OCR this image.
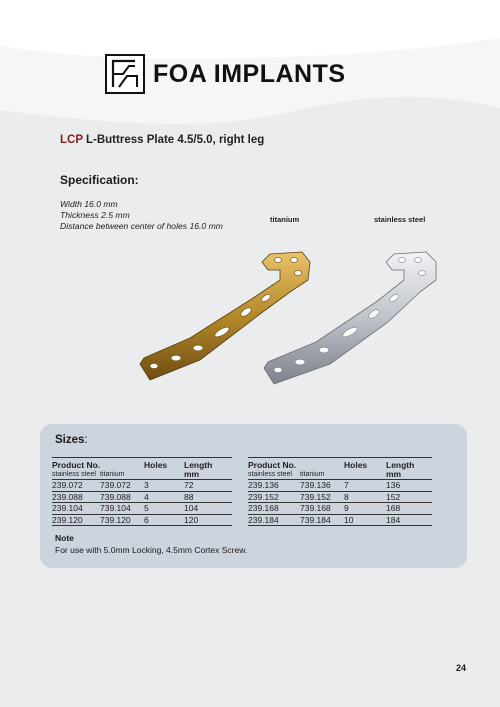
FOA IMPLANTS
LCP L-Buttress Plate 4.5/5.0, right leg
Specification:
Width 16.0 mm
Thickness 2.5 mm
Distance between center of holes 16.0 mm
titanium	stainless steel
Sizes:
Product No.		Holes	Length
stainless steel	titanium		mm
239.072	739.072	3	72
239.088	739.088	4	88
239.104	739.104	5	104
239.120	739.120	6	120
Product No.		Holes	Length
stainless steel	titanium		mm
239.136	739.136	7	136
239.152	739.152	8	152
239.168	739.168	9	168
239.184	739.184	10	184
Note
For use with 5.0mm Locking, 4.5mm Cortex Screw.
24
